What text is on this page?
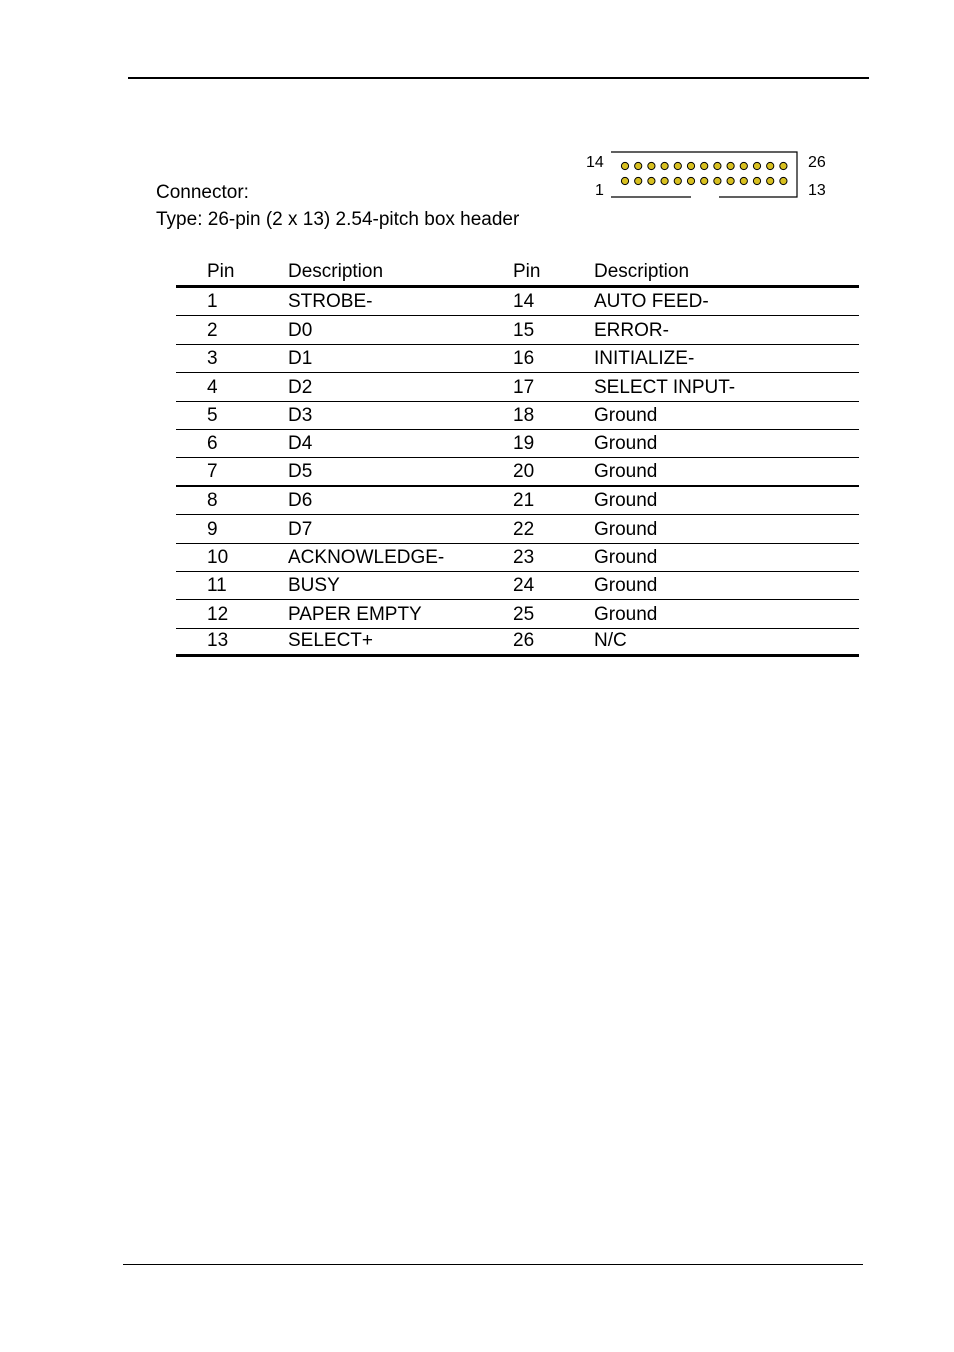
Connector:
Type: 26-pin (2 x 13) 2.54-pitch box header
14
1
26
13
Pin	Description	Pin	Description
1	STROBE-	14	AUTO FEED-
2	D0	15	ERROR-
3	D1	16	INITIALIZE-
4	D2	17	SELECT INPUT-
5	D3	18	Ground
6	D4	19	Ground
7	D5	20	Ground
8	D6	21	Ground
9	D7	22	Ground
10	ACKNOWLEDGE-	23	Ground
11	BUSY	24	Ground
12	PAPER EMPTY	25	Ground
13	SELECT+	26	N/C
